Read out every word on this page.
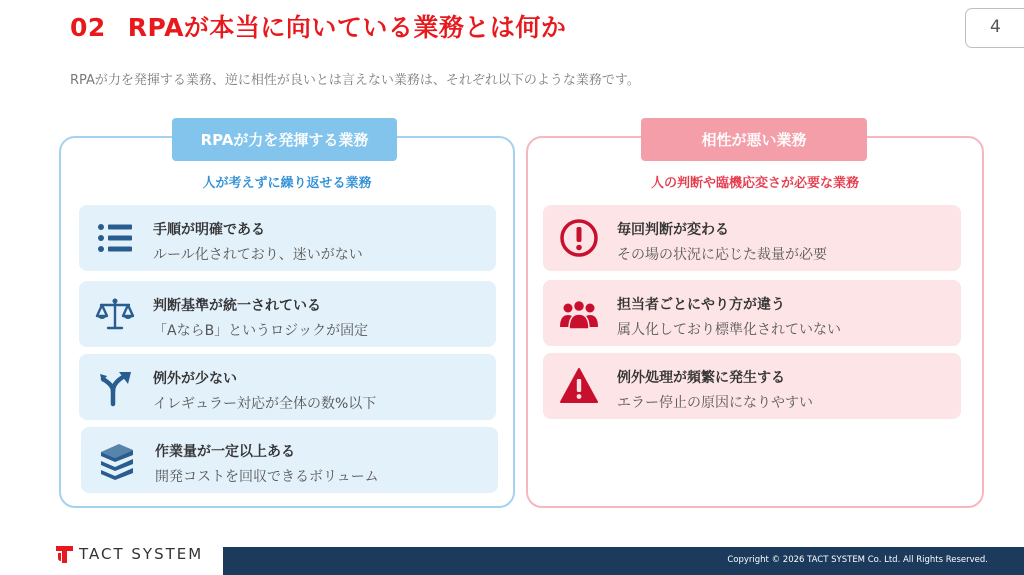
02 RPAが本当に向いている業務とは何か	4
RPAが力を発揮する業務、逆に相性が良いとは言えない業務は、それぞれ以下のような業務です。
RPAが力を発揮する業務	相性が悪い業務
人が考えずに繰り返せる業務	人の判断や臨機応変さが必要な業務
手順が明確である
ルール化されており、迷いがない
判断基準が統一されている
「AならB」というロジックが固定
例外が少ない
イレギュラー対応が全体の数%以下
作業量が一定以上ある
開発コストを回収できるボリューム
毎回判断が変わる
その場の状況に応じた裁量が必要
担当者ごとにやり方が違う
属人化しており標準化されていない
例外処理が頻繁に発生する
エラー停止の原因になりやすい
TACT SYSTEM	Copyright © 2026 TACT SYSTEM Co. Ltd. All Rights Reserved.
